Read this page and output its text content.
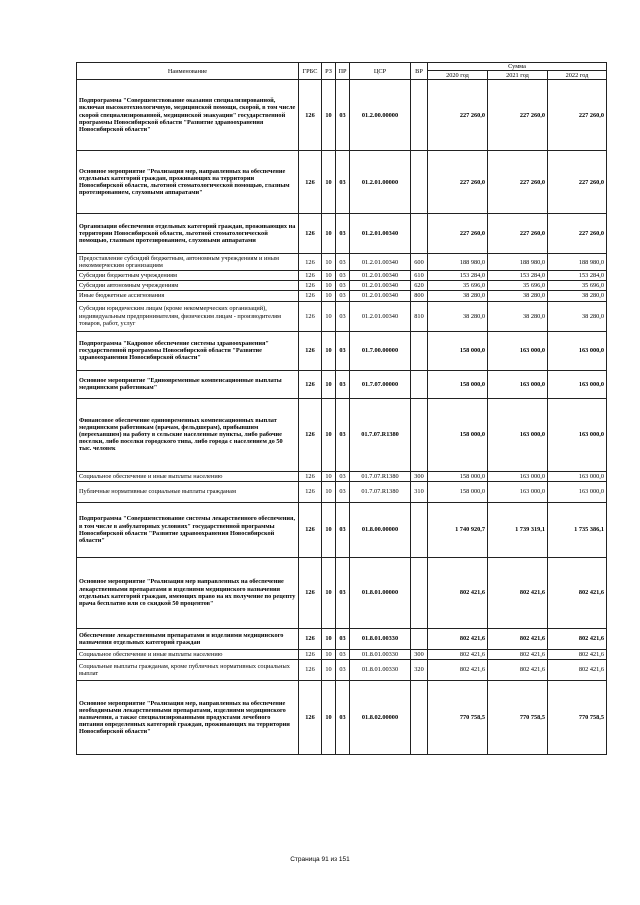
Наименование	ГРБС	РЗ	ПР	ЦСР	ВР	Сумма		
						2020 год	2021 год	2022 год
Подпрограмма "Совершенствование оказания специализированной, включая высокотехнологичную, медицинской помощи, скорой, в том числе скорой специализированной, медицинской эвакуации" государственной программы Новосибирской области "Развитие здравоохранения Новосибирской области"	126	10	03	01.2.00.00000		227 260,0	227 260,0	227 260,0
Основное мероприятие "Реализация мер, направленных на обеспечение отдельных категорий граждан, проживающих на территории Новосибирской области, льготной стоматологической помощью, глазным протезированием, слуховыми аппаратами"	126	10	03	01.2.01.00000		227 260,0	227 260,0	227 260,0
Организация обеспечения отдельных категорий граждан, проживающих на территории Новосибирской области, льготной стоматологической помощью, глазным протезированием, слуховыми аппаратами	126	10	03	01.2.01.00340		227 260,0	227 260,0	227 260,0
Предоставление субсидий бюджетным, автономным учреждениям и иным некоммерческим организациям	126	10	03	01.2.01.00340	600	188 980,0	188 980,0	188 980,0
Субсидии бюджетным учреждениям	126	10	03	01.2.01.00340	610	153 284,0	153 284,0	153 284,0
Субсидии автономным учреждениям	126	10	03	01.2.01.00340	620	35 696,0	35 696,0	35 696,0
Иные бюджетные ассигнования	126	10	03	01.2.01.00340	800	38 280,0	38 280,0	38 280,0
Субсидии юридическим лицам (кроме некоммерческих организаций), индивидуальным предпринимателям, физическим лицам - производителям товаров, работ, услуг	126	10	03	01.2.01.00340	810	38 280,0	38 280,0	38 280,0
Подпрограмма "Кадровое обеспечение системы здравоохранения" государственной программы Новосибирской области "Развитие здравоохранения Новосибирской области"	126	10	03	01.7.00.00000		158 000,0	163 000,0	163 000,0
Основное мероприятие "Единовременные компенсационные выплаты медицинским работникам"	126	10	03	01.7.07.00000		158 000,0	163 000,0	163 000,0
Финансовое обеспечение единовременных компенсационных выплат медицинским работникам (врачам, фельдшерам), прибывшим (переехавшим) на работу в сельские населенные пункты, либо рабочие поселки, либо поселки городского типа, либо города с населением до 50 тыс. человек	126	10	03	01.7.07.R1380		158 000,0	163 000,0	163 000,0
Социальное обеспечение и иные выплаты населению	126	10	03	01.7.07.R1380	300	158 000,0	163 000,0	163 000,0
Публичные нормативные социальные выплаты гражданам	126	10	03	01.7.07.R1380	310	158 000,0	163 000,0	163 000,0
Подпрограмма "Совершенствование системы лекарственного обеспечения, в том числе в амбулаторных условиях" государственной программы Новосибирской области "Развитие здравоохранения Новосибирской области"	126	10	03	01.8.00.00000		1 740 920,7	1 739 319,1	1 735 386,1
Основное мероприятие "Реализация мер направленных на обеспечение лекарственными препаратами и изделиями медицинского назначения отдельных категорий граждан, имеющих право на их получение по рецепту врача бесплатно или со скидкой 50 процентов"	126	10	03	01.8.01.00000		802 421,6	802 421,6	802 421,6
Обеспечение лекарственными препаратами и изделиями медицинского назначения отдельных категорий граждан	126	10	03	01.8.01.00330		802 421,6	802 421,6	802 421,6
Социальное обеспечение и иные выплаты населению	126	10	03	01.8.01.00330	300	802 421,6	802 421,6	802 421,6
Социальные выплаты гражданам, кроме публичных нормативных социальных выплат	126	10	03	01.8.01.00330	320	802 421,6	802 421,6	802 421,6
Основное мероприятие "Реализация мер, направленных на обеспечение необходимыми лекарственными препаратами, изделиями медицинского назначения, а также специализированными продуктами лечебного питания определенных категорий граждан, проживающих на территории Новосибирской области"	126	10	03	01.8.02.00000		770 758,5	770 758,5	770 758,5
Страница 91 из 151
